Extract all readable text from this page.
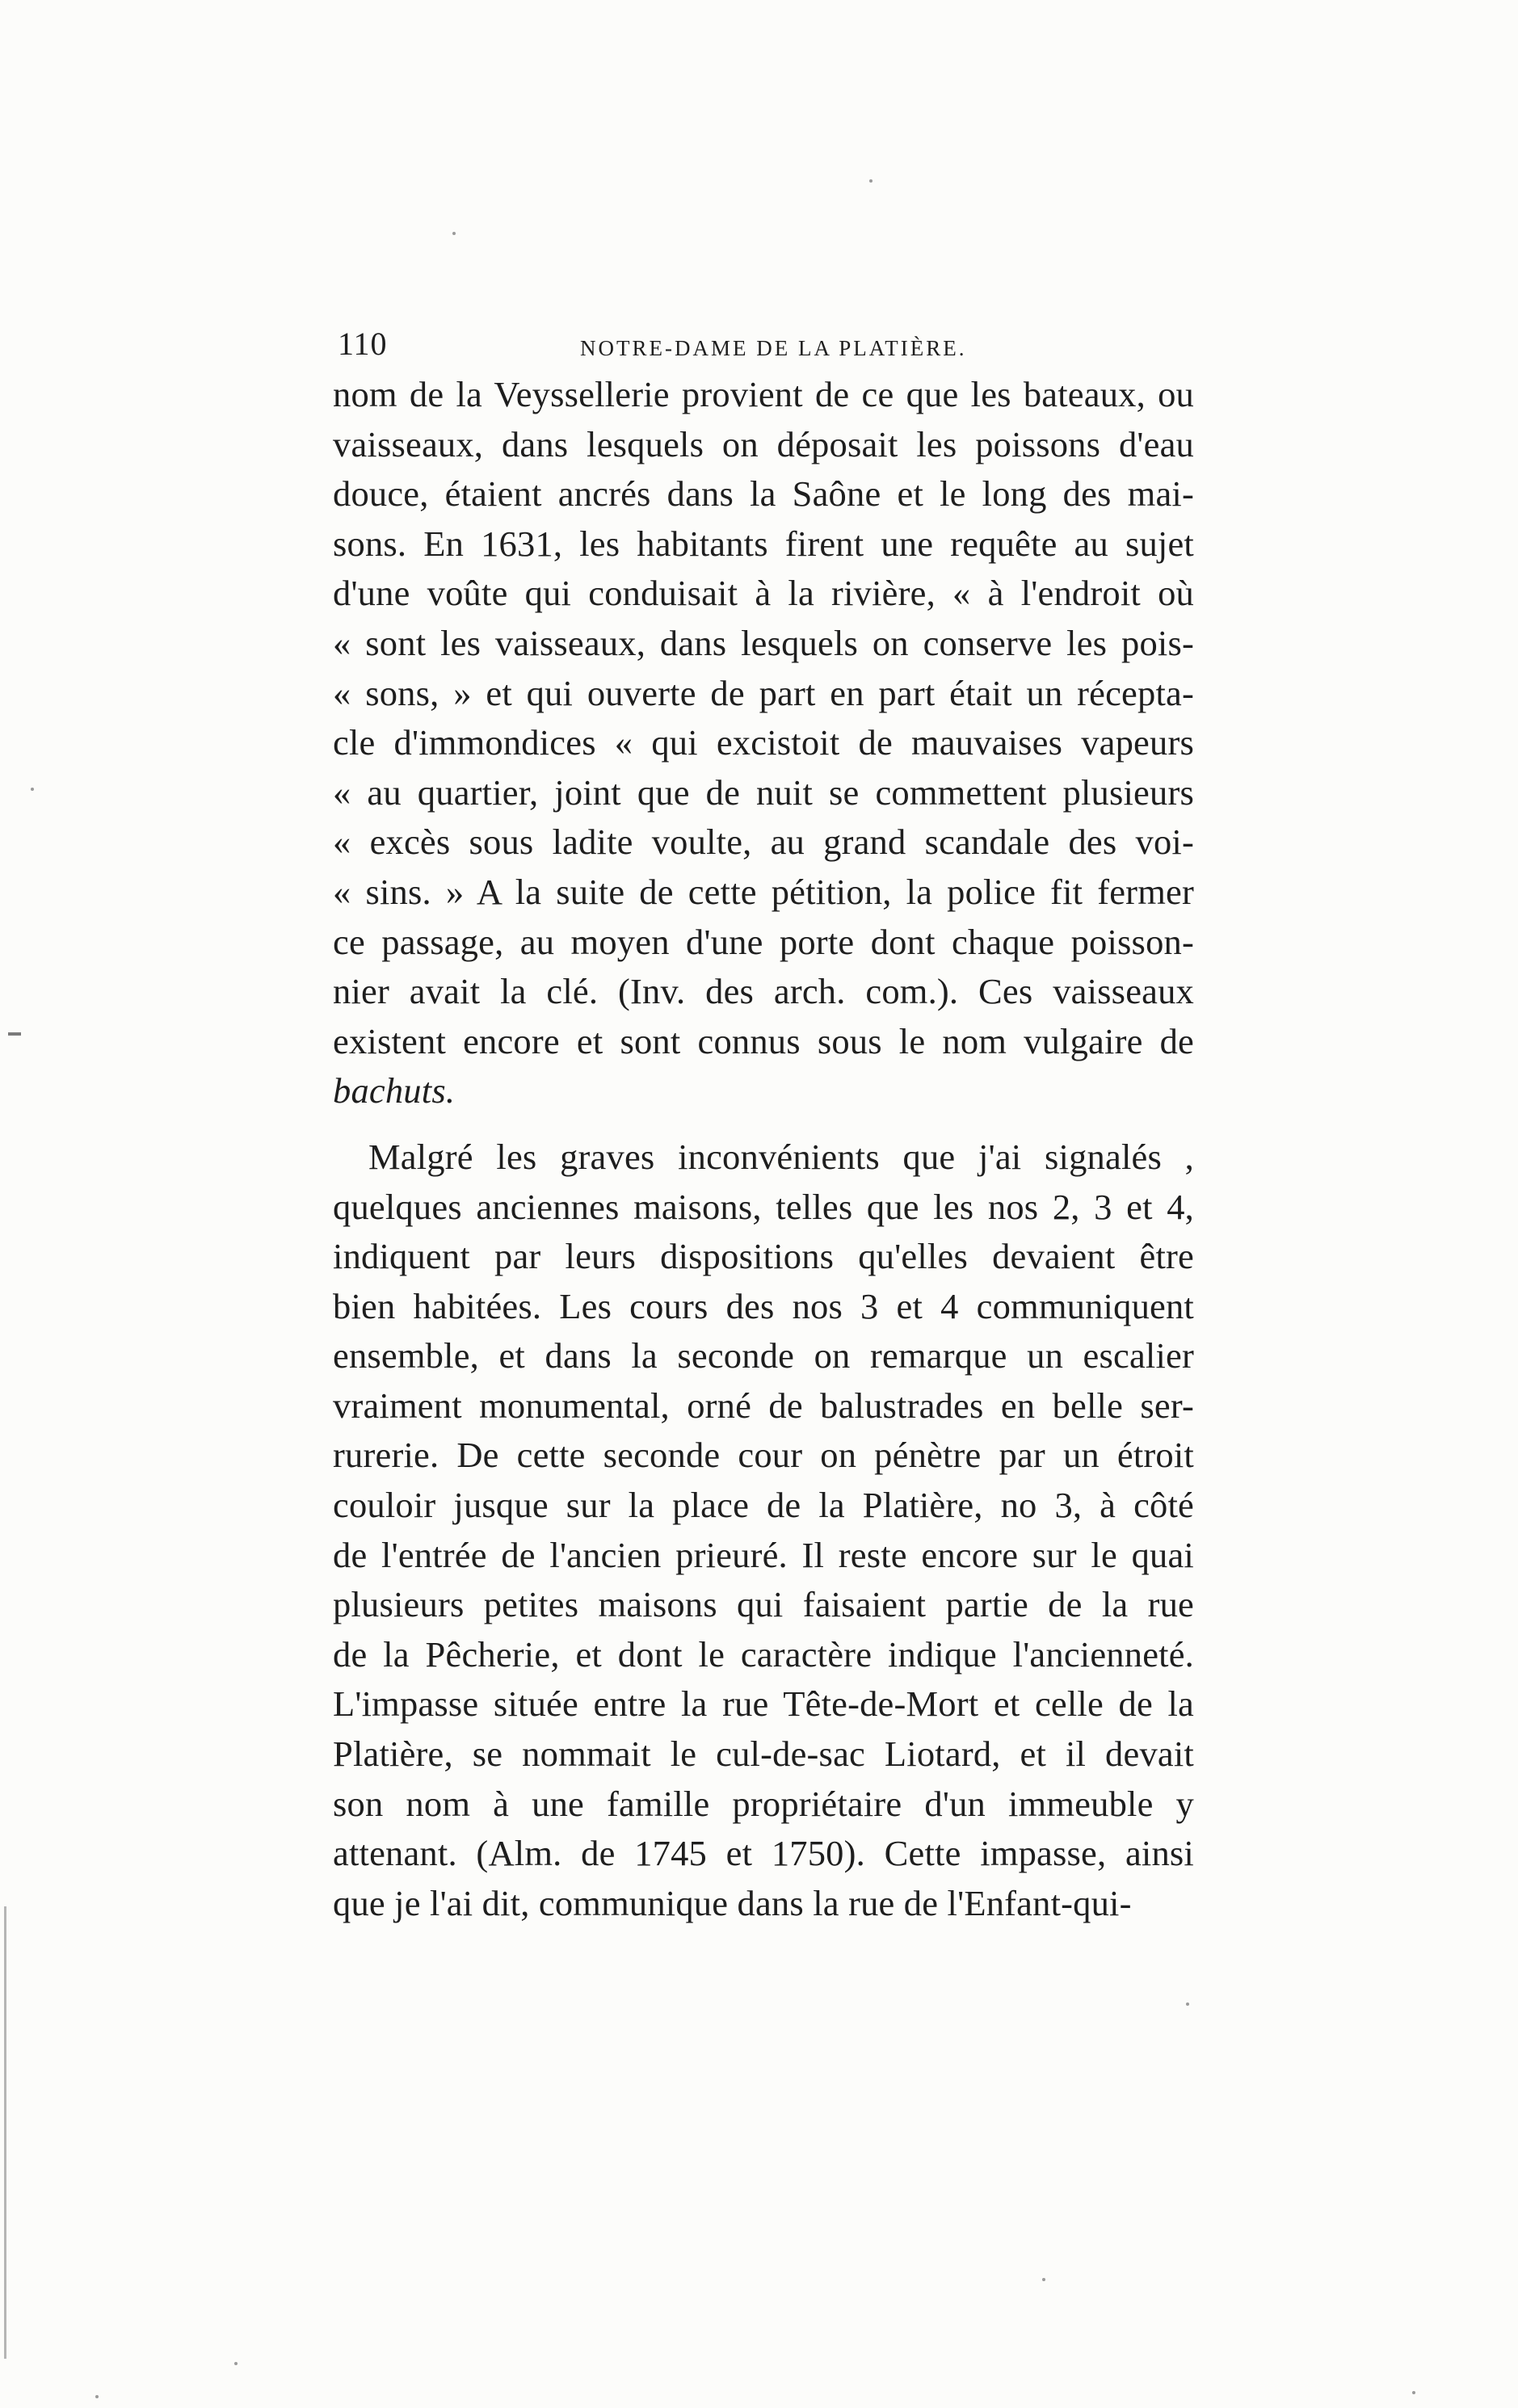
110	NOTRE-DAME DE LA PLATIÈRE.
nom de la Veyssellerie provient de ce que les bateaux, ou
vaisseaux, dans lesquels on déposait les poissons d'eau
douce, étaient ancrés dans la Saône et le long des mai-
sons. En 1631, les habitants firent une requête au sujet
d'une voûte qui conduisait à la rivière, « à l'endroit où
« sont les vaisseaux, dans lesquels on conserve les pois-
« sons, » et qui ouverte de part en part était un récepta-
cle d'immondices « qui excistoit de mauvaises vapeurs
« au quartier, joint que de nuit se commettent plusieurs
« excès sous ladite voulte, au grand scandale des voi-
« sins. » A la suite de cette pétition, la police fit fermer
ce passage, au moyen d'une porte dont chaque poisson-
nier avait la clé. (Inv. des arch. com.). Ces vaisseaux
existent encore et sont connus sous le nom vulgaire de
bachuts.
Malgré les graves inconvénients que j'ai signalés ,
quelques anciennes maisons, telles que les nos 2, 3 et 4,
indiquent par leurs dispositions qu'elles devaient être
bien habitées. Les cours des nos 3 et 4 communiquent
ensemble, et dans la seconde on remarque un escalier
vraiment monumental, orné de balustrades en belle ser-
rurerie. De cette seconde cour on pénètre par un étroit
couloir jusque sur la place de la Platière, no 3, à côté
de l'entrée de l'ancien prieuré. Il reste encore sur le quai
plusieurs petites maisons qui faisaient partie de la rue
de la Pêcherie, et dont le caractère indique l'ancienneté.
L'impasse située entre la rue Tête-de-Mort et celle de la
Platière, se nommait le cul-de-sac Liotard, et il devait
son nom à une famille propriétaire d'un immeuble y
attenant. (Alm. de 1745 et 1750). Cette impasse, ainsi
que je l'ai dit, communique dans la rue de l'Enfant-qui-
